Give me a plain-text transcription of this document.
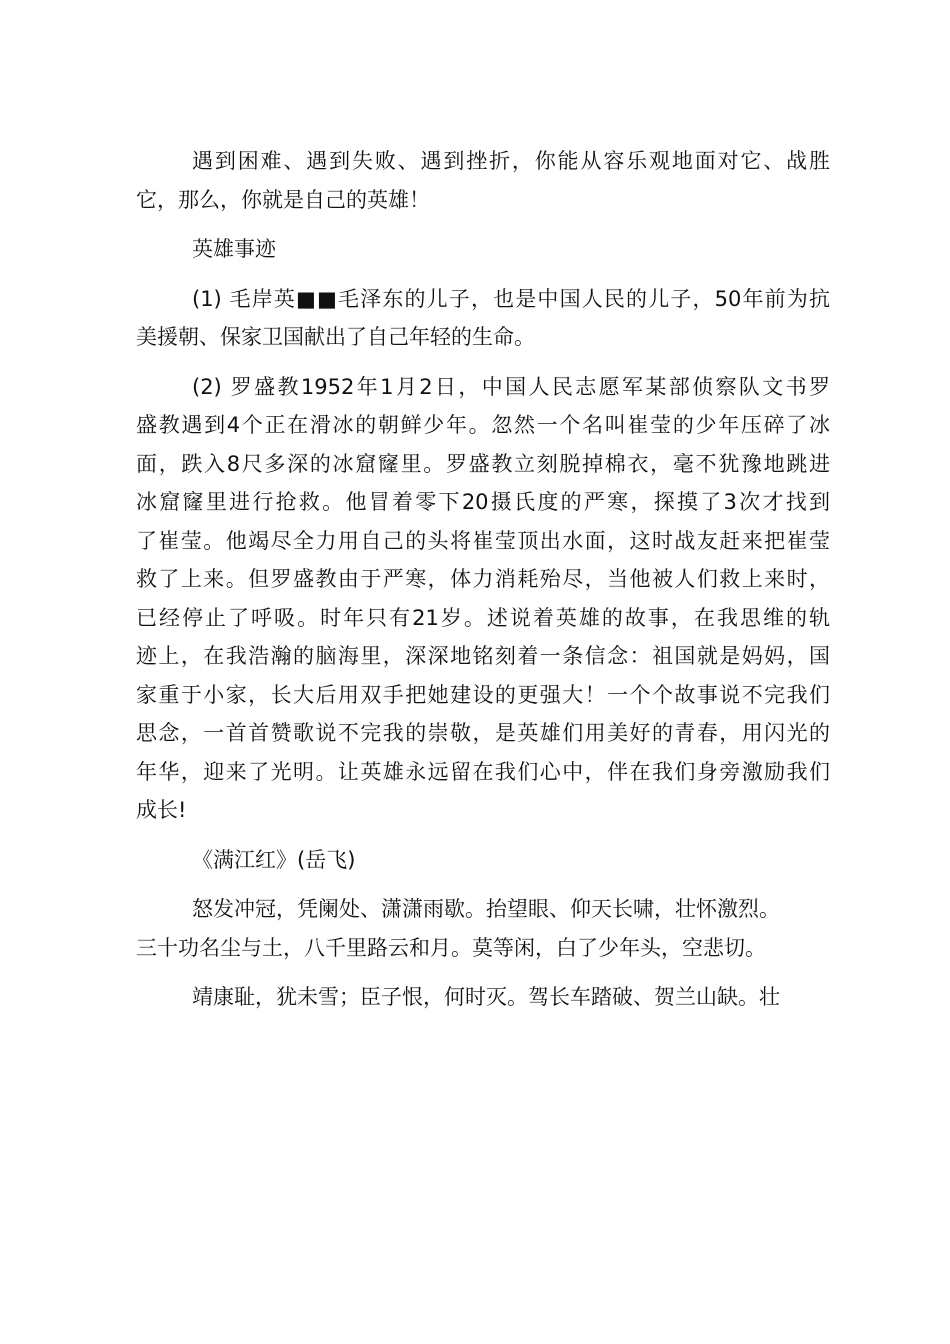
遇到困难、遇到失败、遇到挫折，你能从容乐观地面对它、战胜
它，那么，你就是自己的英雄！
英雄事迹
(1) 毛岸英■■毛泽东的儿子，也是中国人民的儿子，50年前为抗
美援朝、保家卫国献出了自己年轻的生命。
(2) 罗盛教1952年1月2日，中国人民志愿军某部侦察队文书罗
盛教遇到4个正在滑冰的朝鲜少年。忽然一个名叫崔莹的少年压碎了冰
面，跌入8尺多深的冰窟窿里。罗盛教立刻脱掉棉衣，毫不犹豫地跳进
冰窟窿里进行抢救。他冒着零下20摄氏度的严寒，探摸了3次才找到
了崔莹。他竭尽全力用自己的头将崔莹顶出水面，这时战友赶来把崔莹
救了上来。但罗盛教由于严寒，体力消耗殆尽，当他被人们救上来时，
已经停止了呼吸。时年只有21岁。述说着英雄的故事，在我思维的轨
迹上，在我浩瀚的脑海里，深深地铭刻着一条信念：祖国就是妈妈，国
家重于小家，长大后用双手把她建设的更强大！一个个故事说不完我们
思念，一首首赞歌说不完我的崇敬，是英雄们用美好的青春，用闪光的
年华，迎来了光明。让英雄永远留在我们心中，伴在我们身旁激励我们
成长!
《满江红》(岳飞)
怒发冲冠，凭阑处、潇潇雨歇。抬望眼、仰天长啸，壮怀激烈。
三十功名尘与土，八千里路云和月。莫等闲，白了少年头，空悲切。
靖康耻，犹未雪；臣子恨，何时灭。驾长车踏破、贺兰山缺。壮
